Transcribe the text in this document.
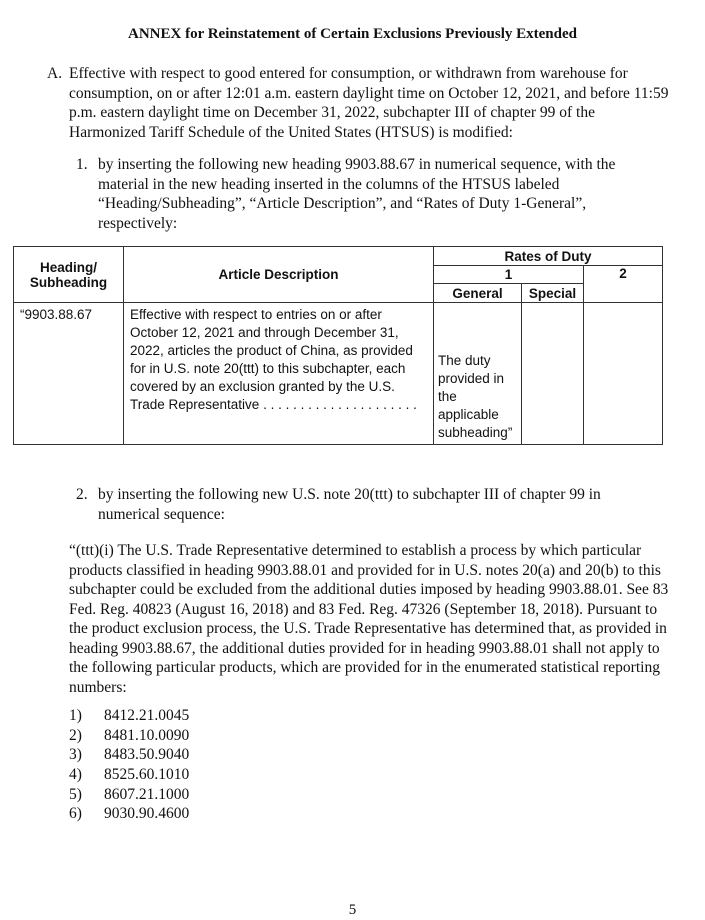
ANNEX for Reinstatement of Certain Exclusions Previously Extended
A. Effective with respect to good entered for consumption, or withdrawn from warehouse for consumption, on or after 12:01 a.m. eastern daylight time on October 12, 2021, and before 11:59 p.m. eastern daylight time on December 31, 2022, subchapter III of chapter 99 of the Harmonized Tariff Schedule of the United States (HTSUS) is modified:
1. by inserting the following new heading 9903.88.67 in numerical sequence, with the material in the new heading inserted in the columns of the HTSUS labeled “Heading/Subheading”, “Article Description”, and “Rates of Duty 1-General”, respectively:
Heading/ Subheading	Article Description	Rates of Duty		
		1		2
		General	Special	

“9903.88.67	Effective with respect to entries on or after October 12, 2021 and through December 31, 2022, articles the product of China, as provided for in U.S. note 20(ttt) to this subchapter, each covered by an exclusion granted by the U.S. Trade Representative . . . . . . . . . . . . . . . . . . . . .	The duty provided in the applicable subheading”		

2. by inserting the following new U.S. note 20(ttt) to subchapter III of chapter 99 in numerical sequence:
“(ttt)(i) The U.S. Trade Representative determined to establish a process by which particular products classified in heading 9903.88.01 and provided for in U.S. notes 20(a) and 20(b) to this subchapter could be excluded from the additional duties imposed by heading 9903.88.01. See 83 Fed. Reg. 40823 (August 16, 2018) and 83 Fed. Reg. 47326 (September 18, 2018). Pursuant to the product exclusion process, the U.S. Trade Representative has determined that, as provided in heading 9903.88.67, the additional duties provided for in heading 9903.88.01 shall not apply to the following particular products, which are provided for in the enumerated statistical reporting numbers:
1) 8412.21.0045
2) 8481.10.0090
3) 8483.50.9040
4) 8525.60.1010
5) 8607.21.1000
6) 9030.90.4600
5
